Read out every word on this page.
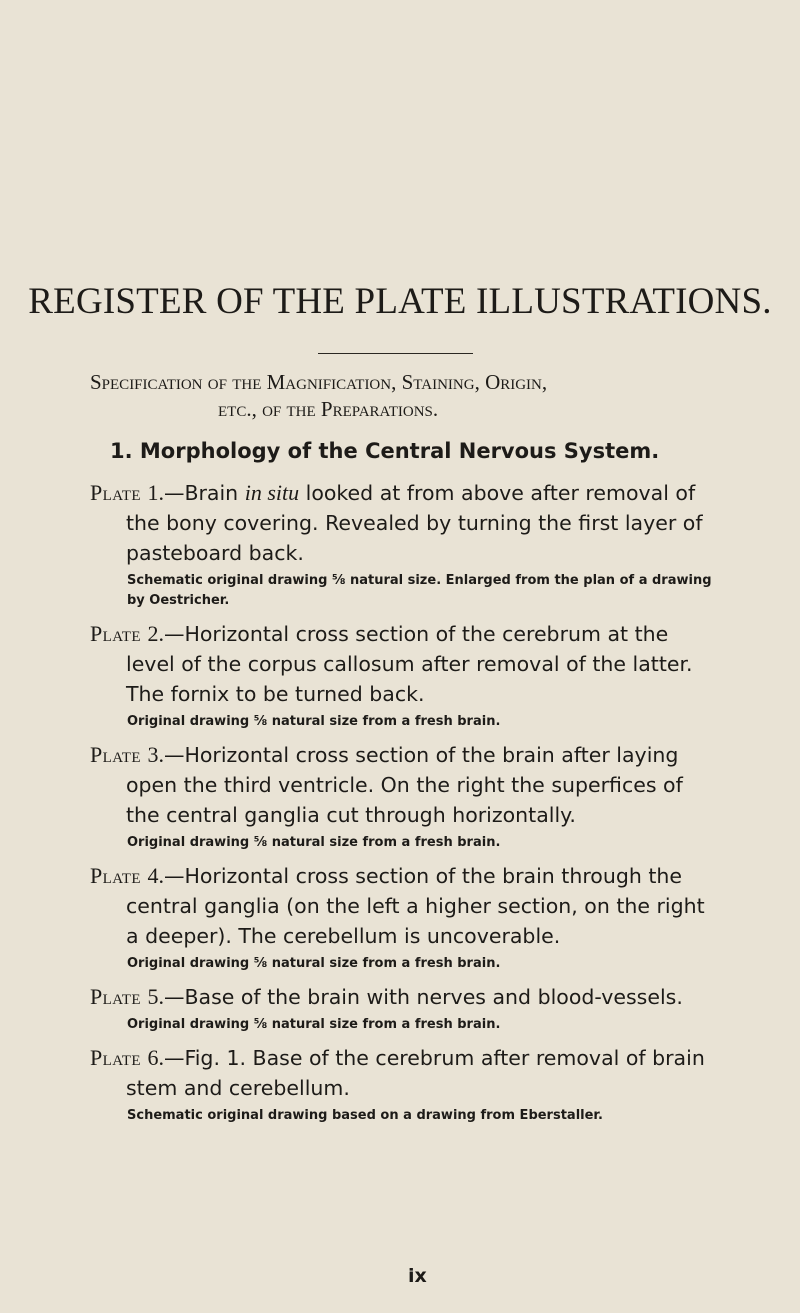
REGISTER OF THE PLATE ILLUSTRATIONS.
Specification of the Magnification, Staining, Origin,
etc., of the Preparations.
1. Morphology of the Central Nervous System.

Plate 1.—Brain in situ looked at from above after removal of the bony covering. Revealed by turning the first layer of pasteboard back.

Schematic original drawing ⅝ natural size. Enlarged from the plan of a drawing by Oestricher.

Plate 2.—Horizontal cross section of the cerebrum at the level of the corpus callosum after removal of the latter. The fornix to be turned back.

Original drawing ⅝ natural size from a fresh brain.

Plate 3.—Horizontal cross section of the brain after laying open the third ventricle. On the right the superfices of the central ganglia cut through horizontally.

Original drawing ⅝ natural size from a fresh brain.

Plate 4.—Horizontal cross section of the brain through the central ganglia (on the left a higher section, on the right a deeper). The cerebellum is uncoverable.

Original drawing ⅝ natural size from a fresh brain.

Plate 5.—Base of the brain with nerves and blood-vessels.

Original drawing ⅝ natural size from a fresh brain.

Plate 6.—Fig. 1. Base of the cerebrum after removal of brain stem and cerebellum.

Schematic original drawing based on a drawing from Eberstaller.

ix
